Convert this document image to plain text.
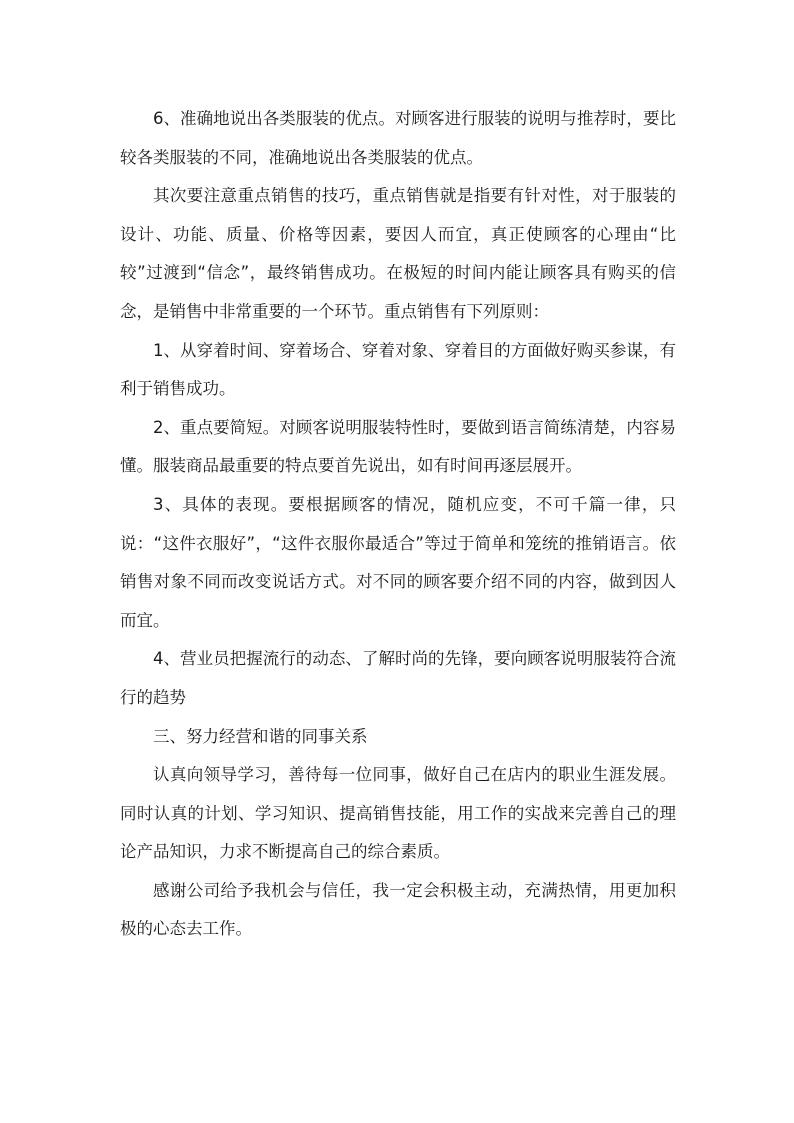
6、准确地说出各类服装的优点。对顾客进行服装的说明与推荐时，要比较各类服装的不同，准确地说出各类服装的优点。

其次要注意重点销售的技巧，重点销售就是指要有针对性，对于服装的设计、功能、质量、价格等因素，要因人而宜，真正使顾客的心理由“比较”过渡到“信念”，最终销售成功。在极短的时间内能让顾客具有购买的信念，是销售中非常重要的一个环节。重点销售有下列原则：

1、从穿着时间、穿着场合、穿着对象、穿着目的方面做好购买参谋，有利于销售成功。

2、重点要简短。对顾客说明服装特性时，要做到语言简练清楚，内容易懂。服装商品最重要的特点要首先说出，如有时间再逐层展开。

3、具体的表现。要根据顾客的情况，随机应变，不可千篇一律，只说：“这件衣服好”，“这件衣服你最适合”等过于简单和笼统的推销语言。依销售对象不同而改变说话方式。对不同的顾客要介绍不同的内容，做到因人而宜。

4、营业员把握流行的动态、了解时尚的先锋，要向顾客说明服装符合流行的趋势

三、努力经营和谐的同事关系

认真向领导学习，善待每一位同事，做好自己在店内的职业生涯发展。同时认真的计划、学习知识、提高销售技能，用工作的实战来完善自己的理论产品知识，力求不断提高自己的综合素质。

感谢公司给予我机会与信任，我一定会积极主动，充满热情，用更加积极的心态去工作。
